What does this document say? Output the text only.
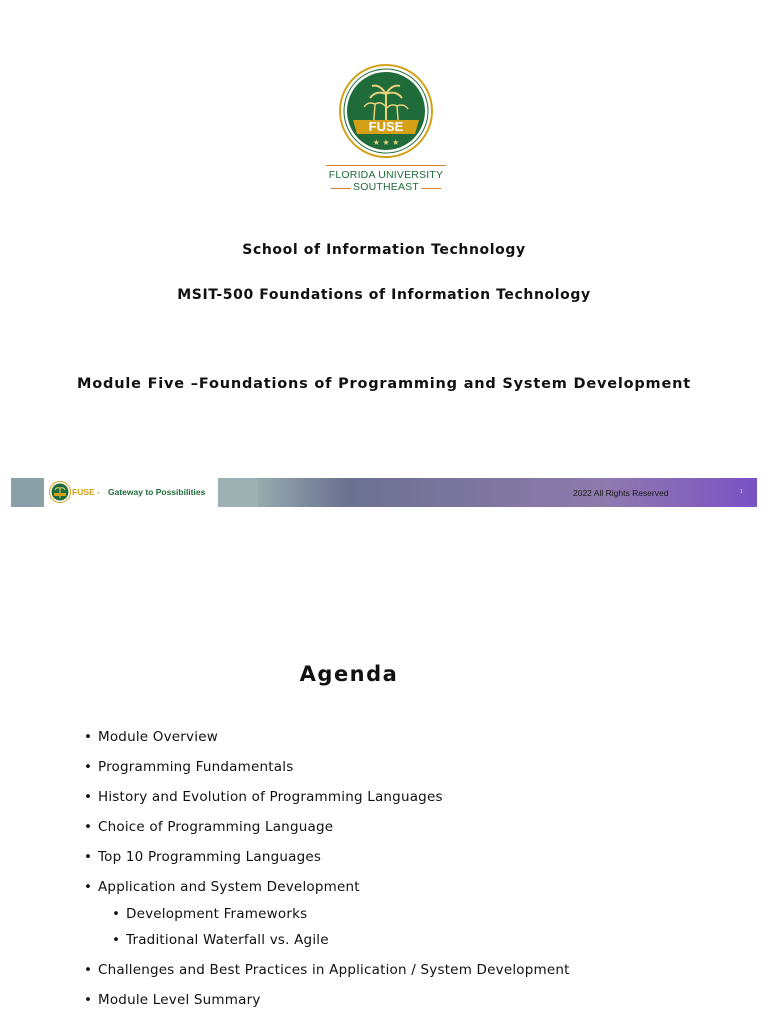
FUSE
★ ★ ★
FLORIDA UNIVERSITY
SOUTHEAST
School of Information Technology
MSIT-500 Foundations of Information Technology
Module Five –Foundations of Programming and System Development
FUSE - Gateway to Possibilities	2022 All Rights Reserved	1
Agenda
• Module Overview
• Programming Fundamentals
• History and Evolution of Programming Languages
• Choice of Programming Language
• Top 10 Programming Languages
• Application and System Development
• Development Frameworks
• Traditional Waterfall vs. Agile
• Challenges and Best Practices in Application / System Development
• Module Level Summary
